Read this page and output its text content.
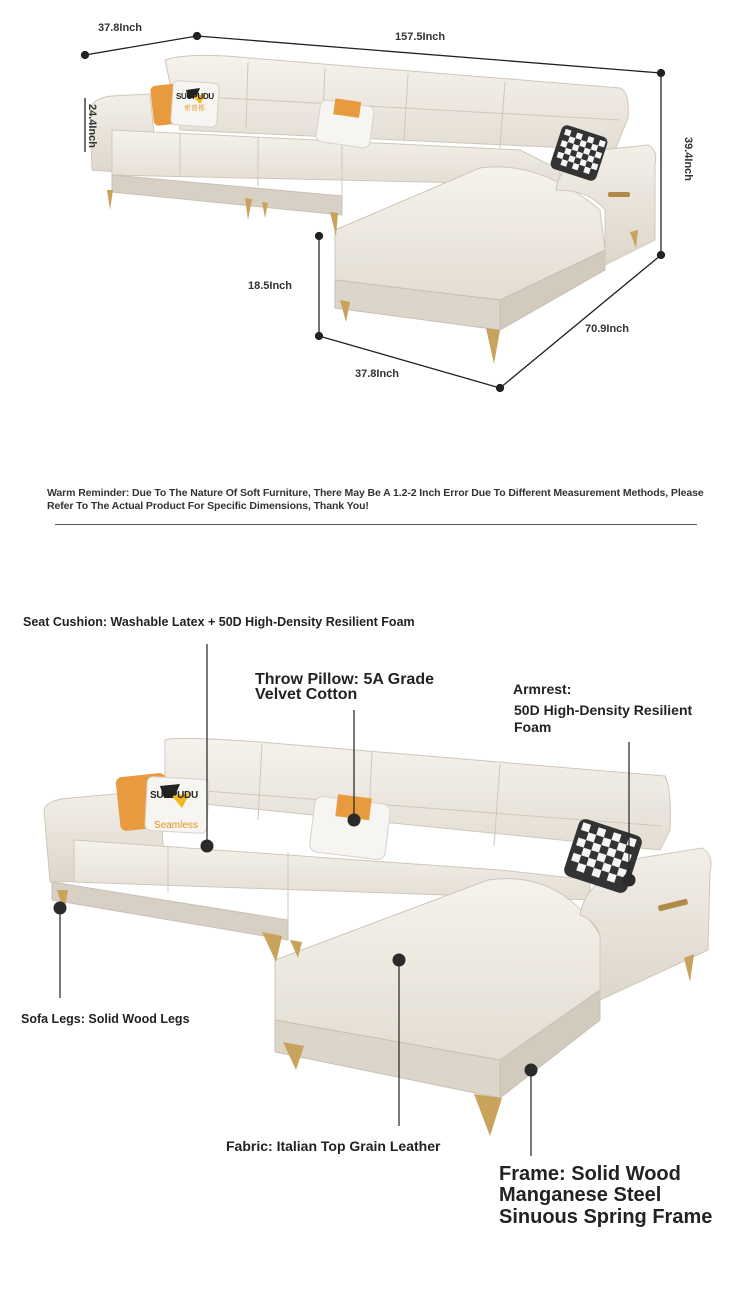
37.8Inch
157.5Inch
24.4Inch
39.4Inch
18.5Inch
37.8Inch
70.9Inch
SUOPUDU
索普都
Warm Reminder: Due To The Nature Of Soft Furniture, There May Be A 1.2-2 Inch Error Due To Different Measurement Methods, Please Refer To The Actual Product For Specific Dimensions, Thank You!
SUOPUDU
Seamless
Seat Cushion: Washable Latex + 50D High-Density Resilient Foam
Throw Pillow: 5A Grade
Velvet Cotton	Armrest:
50D High-Density Resilient
Foam
Sofa Legs: Solid Wood Legs
Fabric: Italian Top Grain Leather
Frame: Solid Wood
Manganese Steel
Sinuous Spring Frame
